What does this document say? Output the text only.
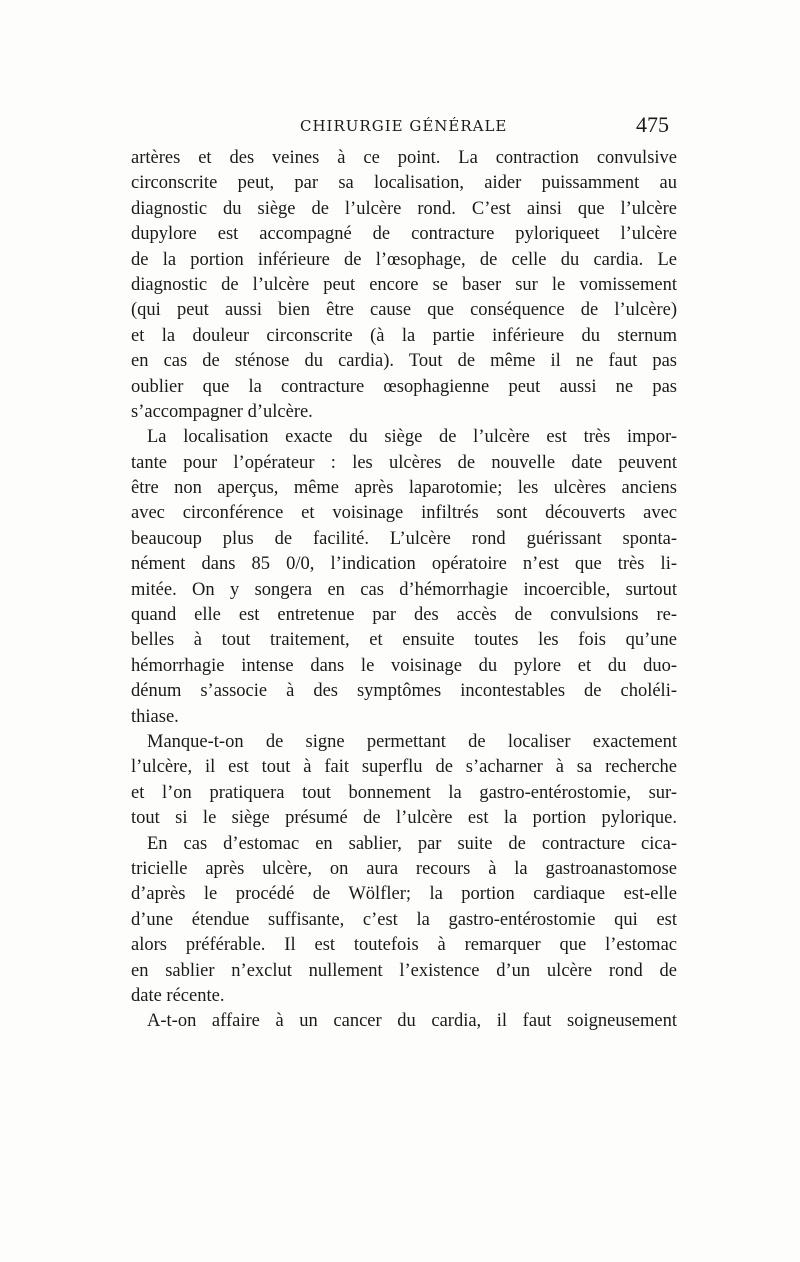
CHIRURGIE GÉNÉRALE	475
artères et des veines à ce point. La contraction convulsive
circonscrite peut, par sa localisation, aider puissamment au
diagnostic du siège de l’ulcère rond. C’est ainsi que l’ulcère
dupylore est accompagné de contracture pyloriqueet l’ulcère
de la portion inférieure de l’œsophage, de celle du cardia. Le
diagnostic de l’ulcère peut encore se baser sur le vomissement
(qui peut aussi bien être cause que conséquence de l’ulcère)
et la douleur circonscrite (à la partie inférieure du sternum
en cas de sténose du cardia). Tout de même il ne faut pas
oublier que la contracture œsophagienne peut aussi ne pas
s’accompagner d’ulcère.
La localisation exacte du siège de l’ulcère est très impor-
tante pour l’opérateur : les ulcères de nouvelle date peuvent
être non aperçus, même après laparotomie; les ulcères anciens
avec circonférence et voisinage infiltrés sont découverts avec
beaucoup plus de facilité. L’ulcère rond guérissant sponta-
nément dans 85 0/0, l’indication opératoire n’est que très li-
mitée. On y songera en cas d’hémorrhagie incoercible, surtout
quand elle est entretenue par des accès de convulsions re-
belles à tout traitement, et ensuite toutes les fois qu’une
hémorrhagie intense dans le voisinage du pylore et du duo-
dénum s’associe à des symptômes incontestables de choléli-
thiase.
Manque-t-on de signe permettant de localiser exactement
l’ulcère, il est tout à fait superflu de s’acharner à sa recherche
et l’on pratiquera tout bonnement la gastro-entérostomie, sur-
tout si le siège présumé de l’ulcère est la portion pylorique.
En cas d’estomac en sablier, par suite de contracture cica-
tricielle après ulcère, on aura recours à la gastroanastomose
d’après le procédé de Wölfler; la portion cardiaque est-elle
d’une étendue suffisante, c’est la gastro-entérostomie qui est
alors préférable. Il est toutefois à remarquer que l’estomac
en sablier n’exclut nullement l’existence d’un ulcère rond de
date récente.
A-t-on affaire à un cancer du cardia, il faut soigneusement
